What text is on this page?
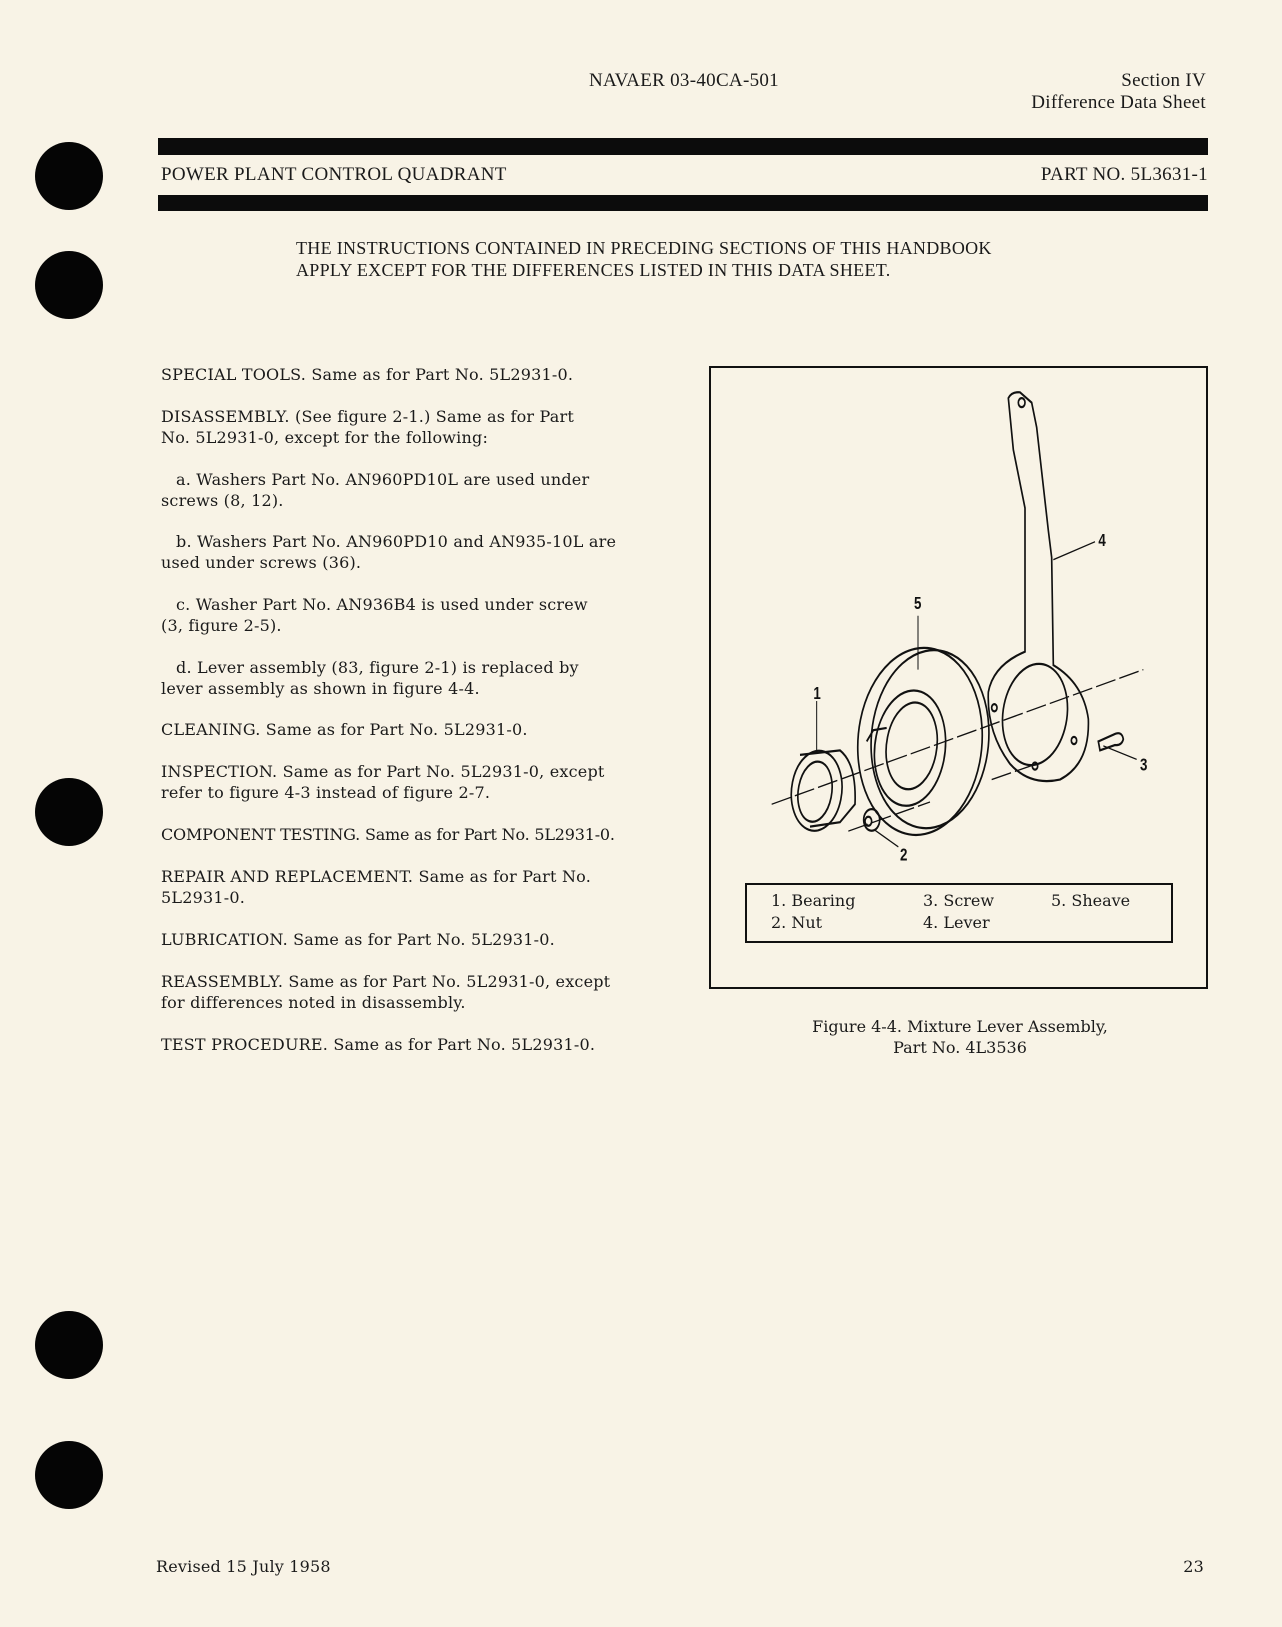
NAVAER 03-40CA-501	Section IV
Difference Data Sheet
POWER PLANT CONTROL QUADRANT	PART NO. 5L3631-1
THE INSTRUCTIONS CONTAINED IN PRECEDING SECTIONS OF THIS HANDBOOK
APPLY EXCEPT FOR THE DIFFERENCES LISTED IN THIS DATA SHEET.
SPECIAL TOOLS. Same as for Part No. 5L2931-0.
DISASSEMBLY. (See figure 2-1.) Same as for Part
No. 5L2931-0, except for the following:
a. Washers Part No. AN960PD10L are used under
screws (8, 12).
b. Washers Part No. AN960PD10 and AN935-10L are
used under screws (36).
c. Washer Part No. AN936B4 is used under screw
(3, figure 2-5).
d. Lever assembly (83, figure 2-1) is replaced by
lever assembly as shown in figure 4-4.
CLEANING. Same as for Part No. 5L2931-0.
INSPECTION. Same as for Part No. 5L2931-0, except
refer to figure 4-3 instead of figure 2-7.
COMPONENT TESTING. Same as for Part No. 5L2931-0.
REPAIR AND REPLACEMENT. Same as for Part No.
5L2931-0.
LUBRICATION. Same as for Part No. 5L2931-0.
REASSEMBLY. Same as for Part No. 5L2931-0, except
for differences noted in disassembly.
TEST PROCEDURE. Same as for Part No. 5L2931-0.
1
2
3
4
5
1. Bearing
2. Nut
3. Screw
4. Lever
5. Sheave
Figure 4-4. Mixture Lever Assembly,
Part No. 4L3536
Revised 15 July 1958	23
